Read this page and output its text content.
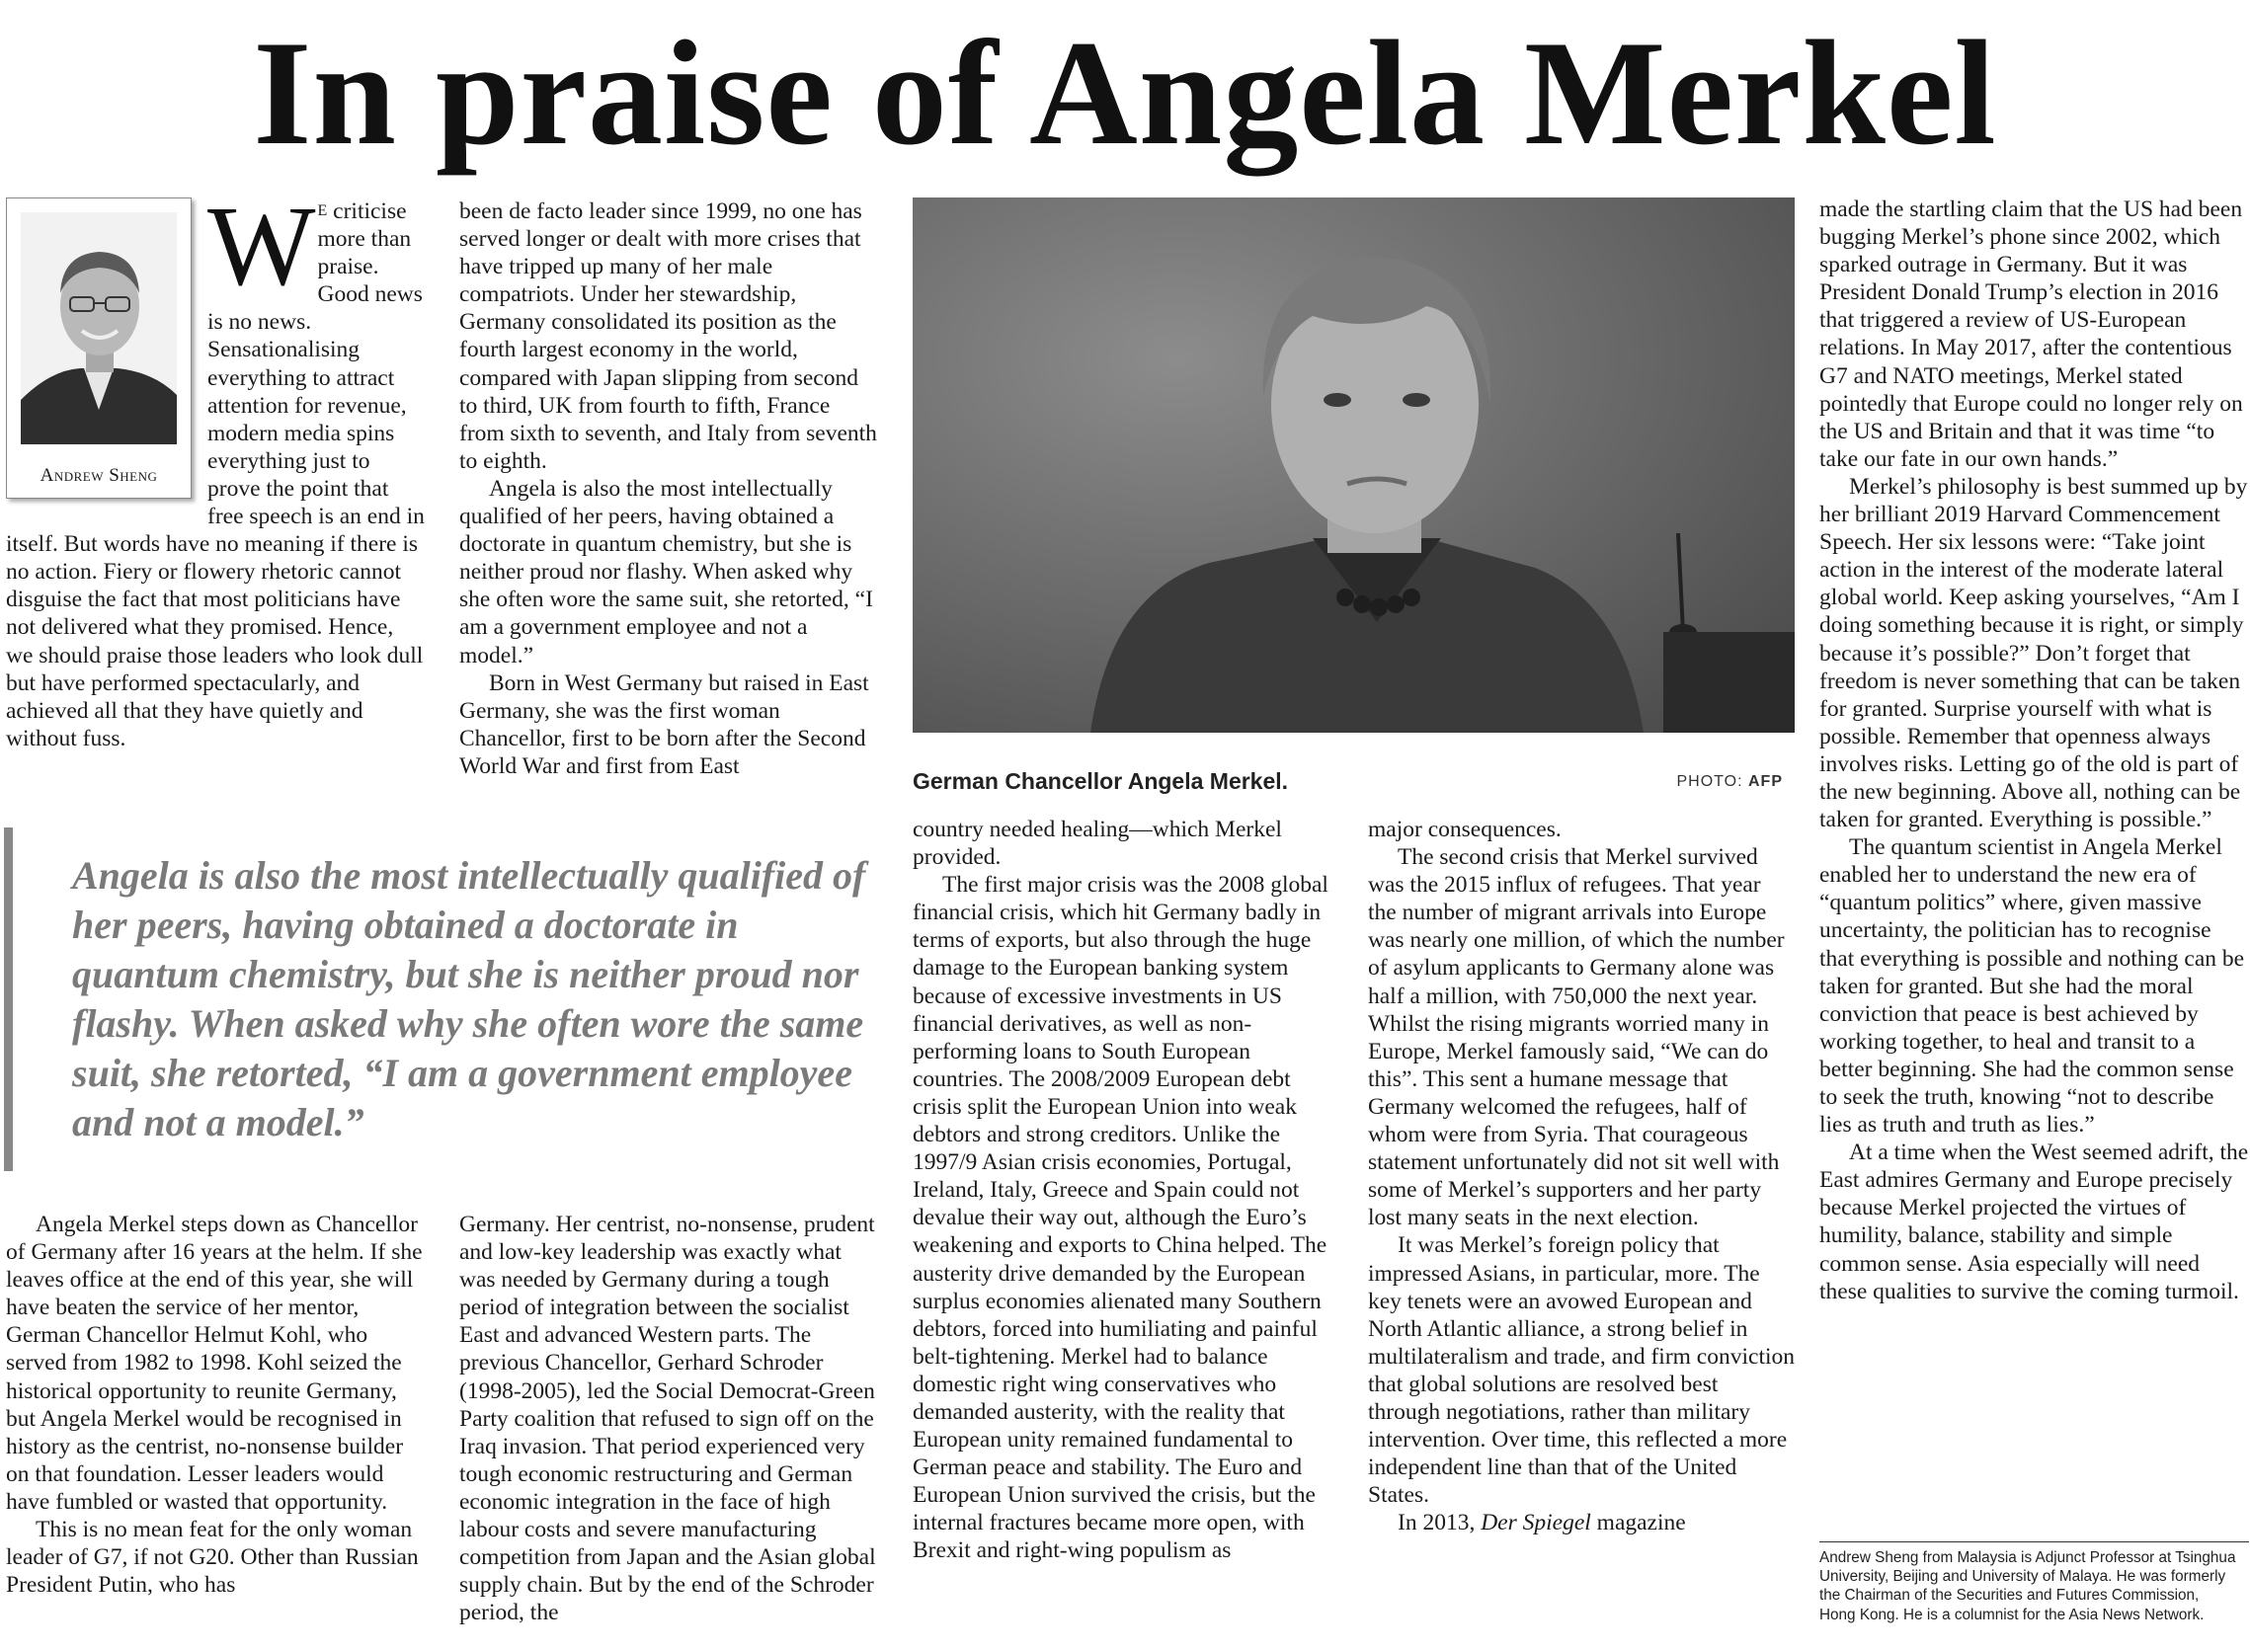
In praise of Angela Merkel
Andrew Sheng

W $^E$ criticise more than praise. Good news is no news. Sensationalising everything to attract attention for revenue, modern media spins everything just to prove the point that free speech is an end in itself. But words have no meaning if there is no action. Fiery or flowery rhetoric cannot disguise the fact that most politicians have not delivered what they promised. Hence, we should praise those leaders who look dull but have performed spectacularly, and achieved all that they have quietly and without fuss.

been de facto leader since 1999, no one has served longer or dealt with more crises that have tripped up many of her male compatriots. Under her stewardship, Germany consolidated its position as the fourth largest economy in the world, compared with Japan slipping from second to third, UK from fourth to fifth, France from sixth to seventh, and Italy from seventh to eighth.

Angela is also the most intellectually qualified of her peers, having obtained a doctorate in quantum chemistry, but she is neither proud nor flashy. When asked why she often wore the same suit, she retorted, “I am a government employee and not a model.”

Born in West Germany but raised in East Germany, she was the first woman Chancellor, first to be born after the Second World War and first from East

Angela is also the most intellectually qualified of her peers, having obtained a doctorate in quantum chemistry, but she is neither proud nor flashy. When asked why she often wore the same suit, she retorted, “I am a government employee and not a model.”

Angela Merkel steps down as Chancellor of Germany after 16 years at the helm. If she leaves office at the end of this year, she will have beaten the service of her mentor, German Chancellor Helmut Kohl, who served from 1982 to 1998. Kohl seized the historical opportunity to reunite Germany, but Angela Merkel would be recognised in history as the centrist, no-nonsense builder on that foundation. Lesser leaders would have fumbled or wasted that opportunity.

This is no mean feat for the only woman leader of G7, if not G20. Other than Russian President Putin, who has

Germany. Her centrist, no-nonsense, prudent and low-key leadership was exactly what was needed by Germany during a tough period of integration between the socialist East and advanced Western parts. The previous Chancellor, Gerhard Schroder (1998-2005), led the Social Democrat-Green Party coalition that refused to sign off on the Iraq invasion. That period experienced very tough economic restructuring and German economic integration in the face of high labour costs and severe manufacturing competition from Japan and the Asian global supply chain. But by the end of the Schroder period, the

German Chancellor Angela Merkel.	PHOTO: AFP

country needed healing—which Merkel provided.

The first major crisis was the 2008 global financial crisis, which hit Germany badly in terms of exports, but also through the huge damage to the European banking system because of excessive investments in US financial derivatives, as well as non-performing loans to South European countries. The 2008/2009 European debt crisis split the European Union into weak debtors and strong creditors. Unlike the 1997/9 Asian crisis economies, Portugal, Ireland, Italy, Greece and Spain could not devalue their way out, although the Euro’s weakening and exports to China helped. The austerity drive demanded by the European surplus economies alienated many Southern debtors, forced into humiliating and painful belt-tightening. Merkel had to balance domestic right wing conservatives who demanded austerity, with the reality that European unity remained fundamental to German peace and stability. The Euro and European Union survived the crisis, but the internal fractures became more open, with Brexit and right-wing populism as

major consequences.

The second crisis that Merkel survived was the 2015 influx of refugees. That year the number of migrant arrivals into Europe was nearly one million, of which the number of asylum applicants to Germany alone was half a million, with 750,000 the next year. Whilst the rising migrants worried many in Europe, Merkel famously said, “We can do this”. This sent a humane message that Germany welcomed the refugees, half of whom were from Syria. That courageous statement unfortunately did not sit well with some of Merkel’s supporters and her party lost many seats in the next election.

It was Merkel’s foreign policy that impressed Asians, in particular, more. The key tenets were an avowed European and North Atlantic alliance, a strong belief in multilateralism and trade, and firm conviction that global solutions are resolved best through negotiations, rather than military intervention. Over time, this reflected a more independent line than that of the United States.

In 2013, Der Spiegel magazine

made the startling claim that the US had been bugging Merkel’s phone since 2002, which sparked outrage in Germany. But it was President Donald Trump’s election in 2016 that triggered a review of US-European relations. In May 2017, after the contentious G7 and NATO meetings, Merkel stated pointedly that Europe could no longer rely on the US and Britain and that it was time “to take our fate in our own hands.”

Merkel’s philosophy is best summed up by her brilliant 2019 Harvard Commencement Speech. Her six lessons were: “Take joint action in the interest of the moderate lateral global world. Keep asking yourselves, “Am I doing something because it is right, or simply because it’s possible?” Don’t forget that freedom is never something that can be taken for granted. Surprise yourself with what is possible. Remember that openness always involves risks. Letting go of the old is part of the new beginning. Above all, nothing can be taken for granted. Everything is possible.”

The quantum scientist in Angela Merkel enabled her to understand the new era of “quantum politics” where, given massive uncertainty, the politician has to recognise that everything is possible and nothing can be taken for granted. But she had the moral conviction that peace is best achieved by working together, to heal and transit to a better beginning. She had the common sense to seek the truth, knowing “not to describe lies as truth and truth as lies.”

At a time when the West seemed adrift, the East admires Germany and Europe precisely because Merkel projected the virtues of humility, balance, stability and simple common sense. Asia especially will need these qualities to survive the coming turmoil.

Andrew Sheng from Malaysia is Adjunct Professor at Tsinghua University, Beijing and University of Malaya. He was formerly the Chairman of the Securities and Futures Commission, Hong Kong. He is a columnist for the Asia News Network.
